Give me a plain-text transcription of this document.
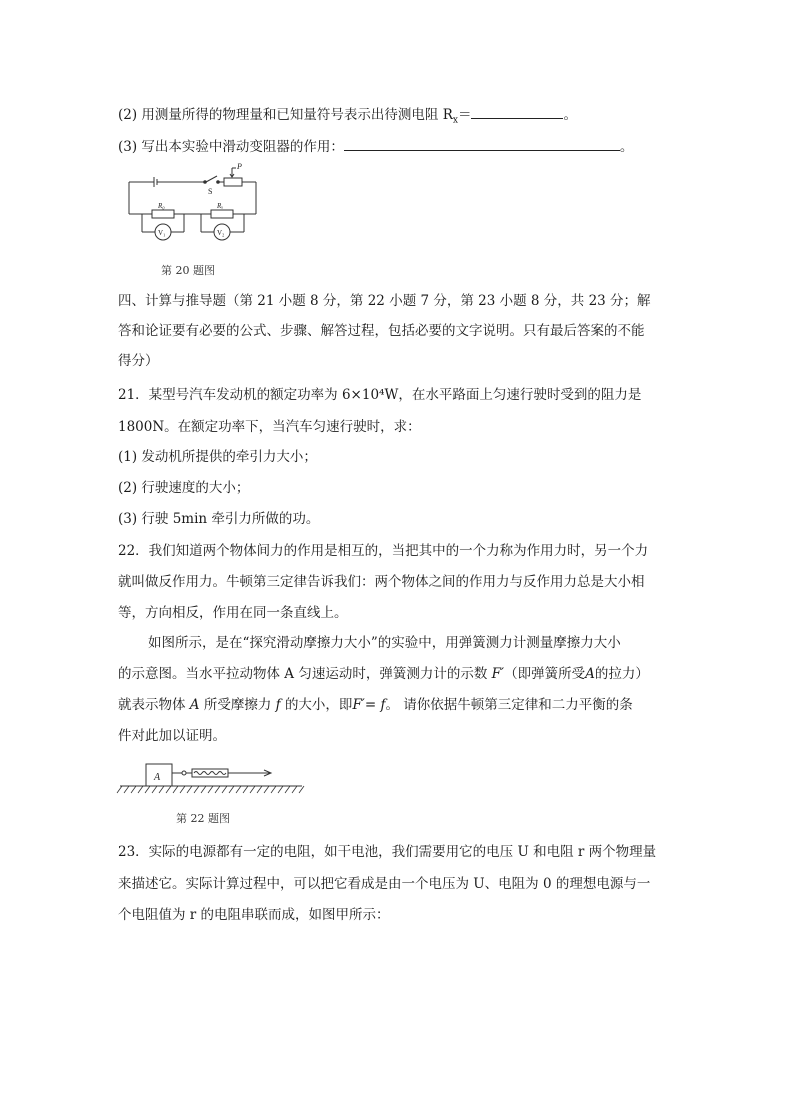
(2) 用测量所得的物理量和已知量符号表示出待测电阻 $R_x=$	。
(3) 写出本实验中滑动变阻器的作用：	。
P
S
R₀	Rₓ
V₁	V₂
第 20 题图
四、计算与推导题（第 21 小题 8 分，第 22 小题 7 分，第 23 小题 8 分，共 23 分；解
答和论证要有必要的公式、步骤、解答过程，包括必要的文字说明。只有最后答案的不能
得分）
21．某型号汽车发动机的额定功率为 6×10⁴W，在水平路面上匀速行驶时受到的阻力是
1800N。在额定功率下，当汽车匀速行驶时，求：
(1) 发动机所提供的牵引力大小；
(2) 行驶速度的大小；
(3) 行驶 5min 牵引力所做的功。
22．我们知道两个物体间力的作用是相互的，当把其中的一个力称为作用力时，另一个力
就叫做反作用力。牛顿第三定律告诉我们：两个物体之间的作用力与反作用力总是大小相
等，方向相反，作用在同一条直线上。
如图所示，是在“探究滑动摩擦力大小”的实验中，用弹簧测力计测量摩擦力大小
的示意图。当水平拉动物体 A 匀速运动时，弹簧测力计的示数 F′（即弹簧所受A的拉力）
就表示物体 A 所受摩擦力 f 的大小，即F′= f。 请你依据牛顿第三定律和二力平衡的条
件对此加以证明。
A
第 22 题图
23．实际的电源都有一定的电阻，如干电池，我们需要用它的电压 U 和电阻 r 两个物理量
来描述它。实际计算过程中，可以把它看成是由一个电压为 U、电阻为 0 的理想电源与一
个电阻值为 r 的电阻串联而成，如图甲所示：
